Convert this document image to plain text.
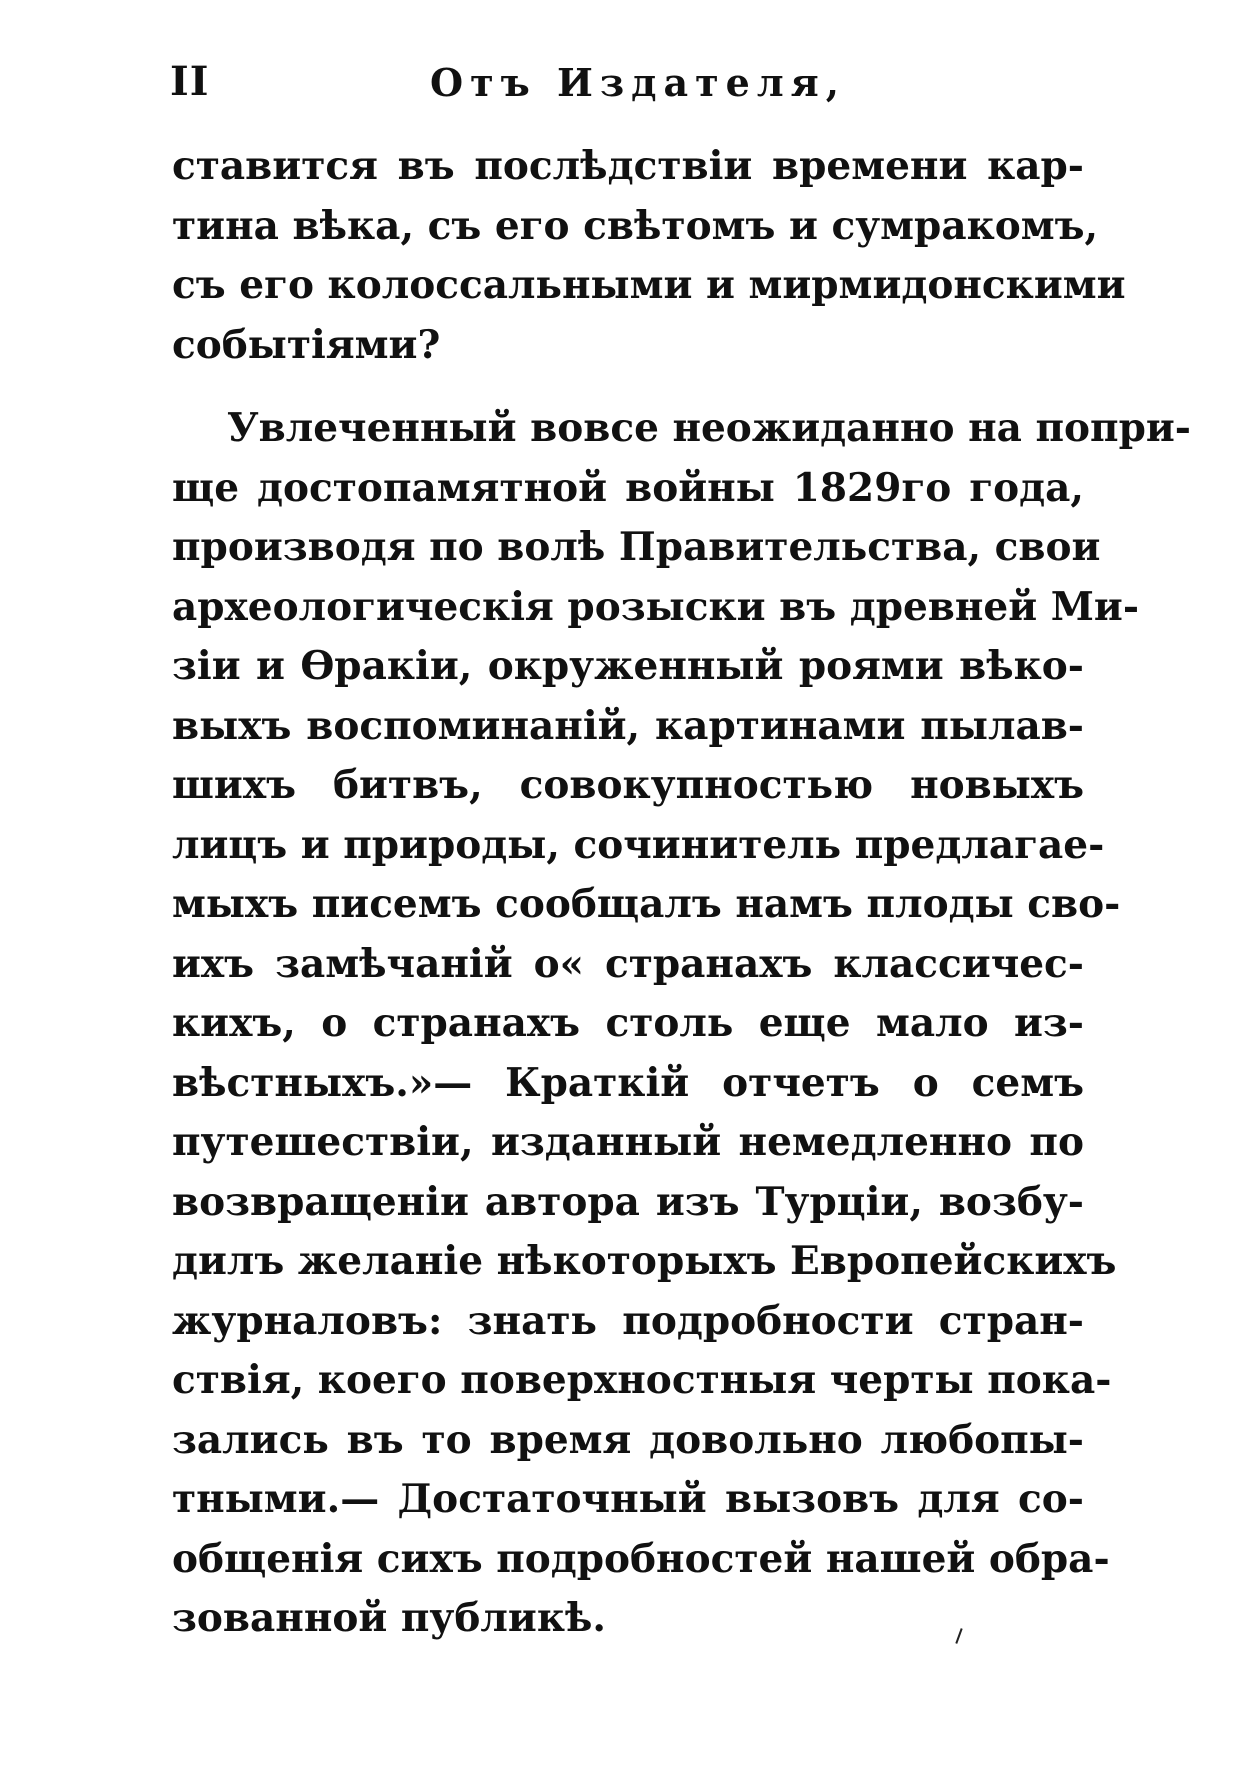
II	Отъ Издателя,
ставится въ послѣдствіи времени кар-
тина вѣка, съ его свѣтомъ и сумракомъ,
съ его колоссальными и мирмидонскими
событіями?
Увлеченный вовсе неожиданно на попри-
ще достопамятной войны 1829го года,
производя по волѣ Правительства, свои
археологическія розыски въ древней Ми-
зіи и Ѳракіи, окруженный роями вѣко-
выхъ воспоминаній, картинами пылав-
шихъ битвъ, совокупностью новыхъ
лицъ и природы, сочинитель предлагае-
мыхъ писемъ сообщалъ намъ плоды сво-
ихъ замѣчаній о« странахъ классичес-
кихъ, о странахъ столь еще мало из-
вѣстныхъ.»— Краткій отчетъ о семъ
путешествіи, изданный немедленно по
возвращеніи автора изъ Турціи, возбу-
дилъ желаніе нѣкоторыхъ Европейскихъ
журналовъ: знать подробности стран-
ствія, коего поверхностныя черты пока-
зались въ то время довольно любопы-
тными.— Достаточный вызовъ для со-
общенія сихъ подробностей нашей обра-
зованной публикѣ.
